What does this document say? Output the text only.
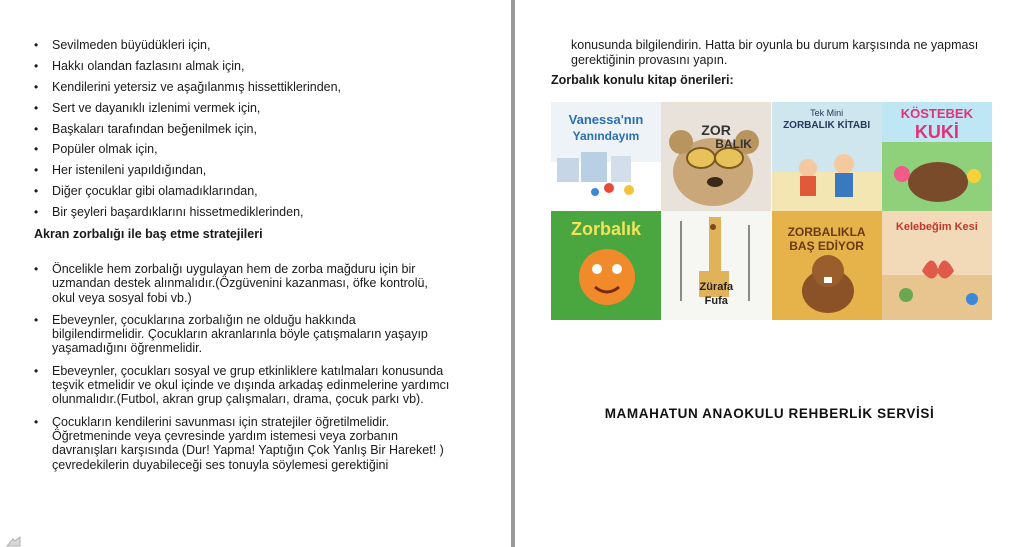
• Sevilmeden büyüdükleri için,
• Hakkı olandan fazlasını almak için,
• Kendilerini yetersiz ve aşağılanmış hissettiklerinden,
• Sert ve dayanıklı izlenimi vermek için,
• Başkaları tarafından beğenilmek için,
• Popüler olmak için,
• Her istenileni yapıldığından,
• Diğer çocuklar gibi olamadıklarından,
• Bir şeyleri başardıklarını hissetmediklerinden,
Akran zorbalığı ile baş etme stratejileri
• Öncelikle hem zorbalığı uygulayan hem de zorba mağduru için bir uzmandan destek alınmalıdır.(Özgüvenini kazanması, öfke kontrolü, okul veya sosyal fobi vb.)
• Ebeveynler, çocuklarına zorbalığın ne olduğu hakkında bilgilendirmelidir. Çocukların akranlarınla böyle çatışmaların yaşayıp yaşamadığını öğrenmelidir.
• Ebeveynler, çocukları sosyal ve grup etkinliklere katılmaları konusunda teşvik etmelidir ve okul içinde ve dışında arkadaş edinmelerine yardımcı olunmalıdır.(Futbol, akran grup çalışmaları, drama, çocuk parkı vb).
• Çocukların kendilerini savunması için stratejiler öğretilmelidir. Öğretmeninde veya çevresinde yardım istemesi veya zorbanın davranışları karşısında (Dur! Yapma! Yaptığın Çok Yanlış Bir Hareket! ) çevredekilerin duyabileceği ses tonuyla söylemesi gerektiğini
konusunda bilgilendirin. Hatta bir oyunla bu durum karşısında ne yapması gerektiğinin provasını yapın.
Zorbalık konulu kitap önerileri:
Vanessa'nın
Yanındayım	ZOR
BALIK
Tek Mini
ZORBALIK KİTABI
KÖSTEBEK
KUKİ
Zorbalık
Zürafa
Fufa
ZORBALIKLA
BAŞ EDİYOR
Kelebeğim Kesi
MAMAHATUN ANAOKULU REHBERLİK SERVİSİ
